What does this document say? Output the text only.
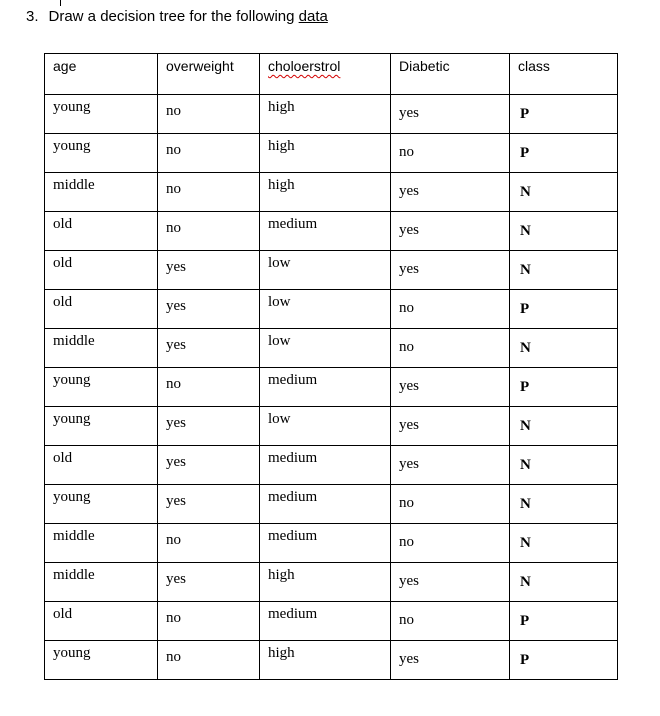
3. Draw a decision tree for the following data
age	overweight	choloerstrol	Diabetic	class
young	no	high	yes	P
young	no	high	no	P
middle	no	high	yes	N
old	no	medium	yes	N
old	yes	low	yes	N
old	yes	low	no	P
middle	yes	low	no	N
young	no	medium	yes	P
young	yes	low	yes	N
old	yes	medium	yes	N
young	yes	medium	no	N
middle	no	medium	no	N
middle	yes	high	yes	N
old	no	medium	no	P
young	no	high	yes	P
